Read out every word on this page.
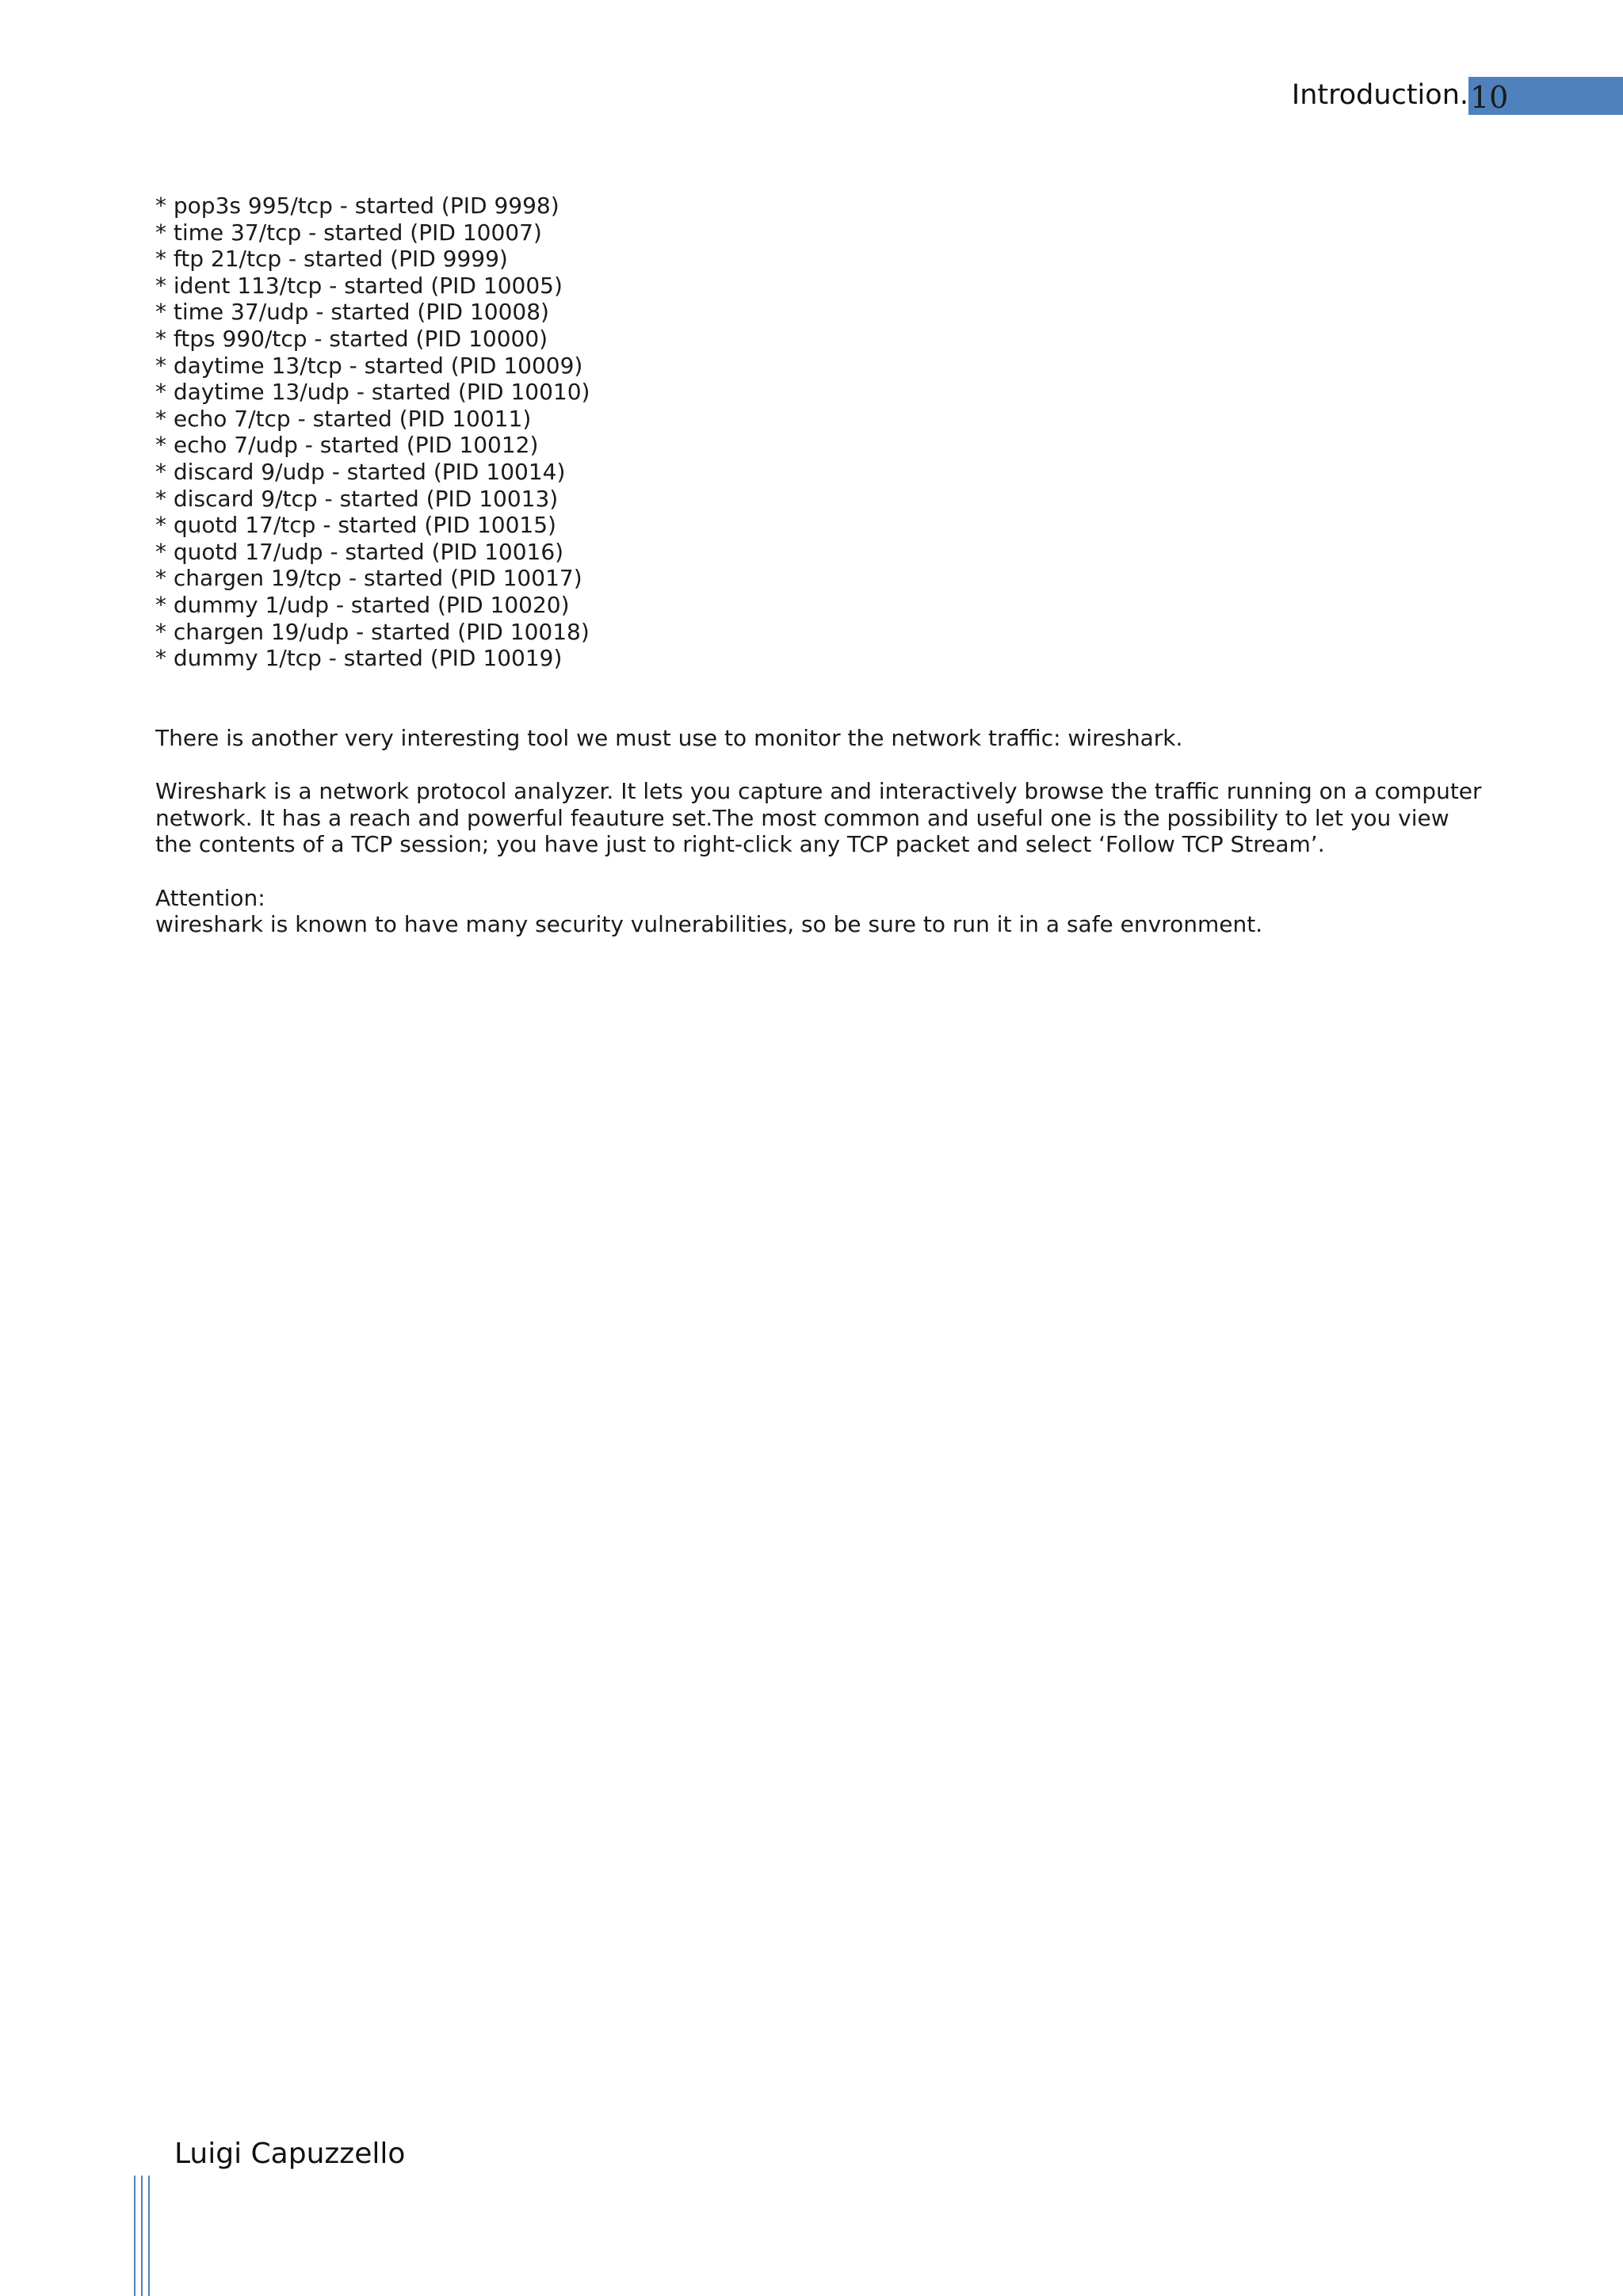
Introduction. 10
* pop3s 995/tcp - started (PID 9998)
* time 37/tcp - started (PID 10007)
* ftp 21/tcp - started (PID 9999)
* ident 113/tcp - started (PID 10005)
* time 37/udp - started (PID 10008)
* ftps 990/tcp - started (PID 10000)
* daytime 13/tcp - started (PID 10009)
* daytime 13/udp - started (PID 10010)
* echo 7/tcp - started (PID 10011)
* echo 7/udp - started (PID 10012)
* discard 9/udp - started (PID 10014)
* discard 9/tcp - started (PID 10013)
* quotd 17/tcp - started (PID 10015)
* quotd 17/udp - started (PID 10016)
* chargen 19/tcp - started (PID 10017)
* dummy 1/udp - started (PID 10020)
* chargen 19/udp - started (PID 10018)
* dummy 1/tcp - started (PID 10019)

There is another very interesting tool we must use to monitor the network traffic: wireshark.

Wireshark is a network protocol analyzer. It lets you capture and interactively browse the traffic running on a computer network. It has a reach and powerful feauture set.The most common and useful one is the possibility to let you view the contents of a TCP session; you have just to right-click any TCP packet and select ‘Follow TCP Stream’.

Attention:

wireshark is known to have many security vulnerabilities, so be sure to run it in a safe envronment.

Luigi Capuzzello
